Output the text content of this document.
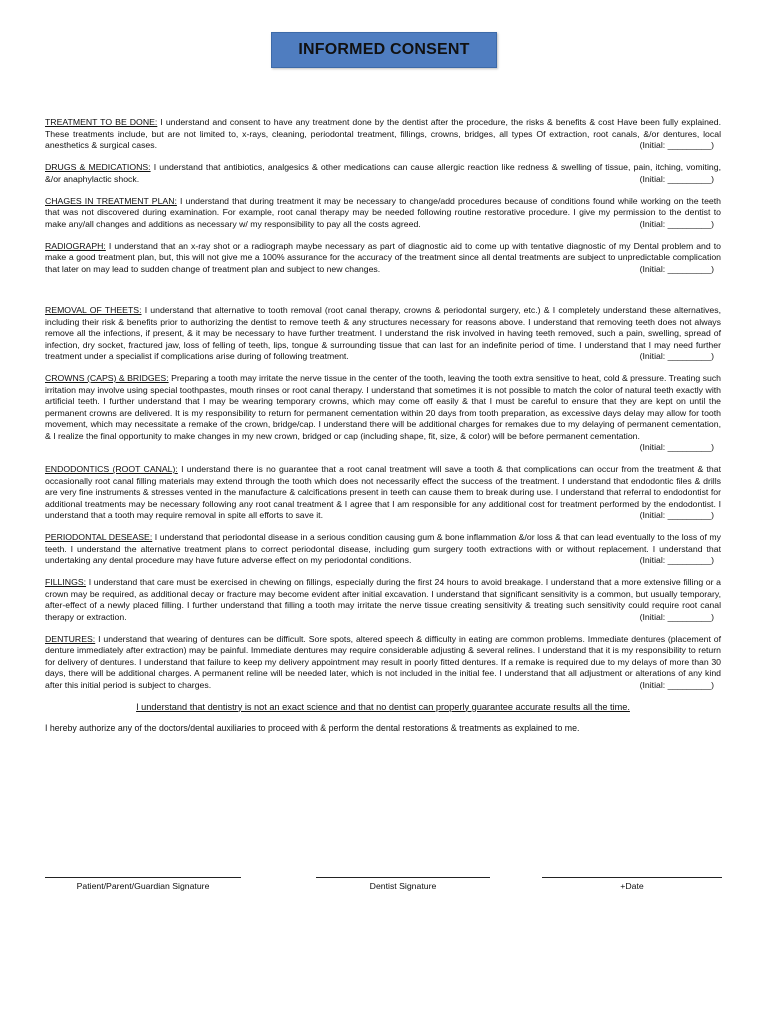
INFORMED CONSENT

TREATMENT TO BE DONE: I understand and consent to have any treatment done by the dentist after the procedure, the risks & benefits & cost Have been fully explained. These treatments include, but are not limited to, x-rays, cleaning, periodontal treatment, fillings, crowns, bridges, all types Of extraction, root canals, &/or dentures, local anesthetics & surgical cases.	(Initial: _________)

DRUGS & MEDICATIONS: I understand that antibiotics, analgesics & other medications can cause allergic reaction like redness & swelling of tissue, pain, itching, vomiting, &/or anaphylactic shock.	(Initial: _________)

CHAGES IN TREATMENT PLAN: I understand that during treatment it may be necessary to change/add procedures because of conditions found while working on the teeth that was not discovered during examination. For example, root canal therapy may be needed following routine restorative procedure. I give my permission to the dentist to make any/all changes and additions as necessary w/ my responsibility to pay all the costs agreed.	(Initial: _________)

RADIOGRAPH: I understand that an x-ray shot or a radiograph maybe necessary as part of diagnostic aid to come up with tentative diagnostic of my Dental problem and to make a good treatment plan, but, this will not give me a 100% assurance for the accuracy of the treatment since all dental treatments are subject to unpredictable complication that later on may lead to sudden change of treatment plan and subject to new changes.	(Initial: _________)

REMOVAL OF THEETS: I understand that alternative to tooth removal (root canal therapy, crowns & periodontal surgery, etc.) & I completely understand these alternatives, including their risk & benefits prior to authorizing the dentist to remove teeth & any structures necessary for reasons above. I understand that removing teeth does not always remove all the infections, if present, & it may be necessary to have further treatment. I understand the risk involved in having teeth removed, such a pain, swelling, spread of infection, dry socket, fractured jaw, loss of felling of teeth, lips, tongue & surrounding tissue that can last for an indefinite period of time. I understand that I may need further treatment under a specialist if complications arise during of following treatment.	(Initial: _________)

CROWNS (CAPS) & BRIDGES: Preparing a tooth may irritate the nerve tissue in the center of the tooth, leaving the tooth extra sensitive to heat, cold & pressure. Treating such irritation may involve using special toothpastes, mouth rinses or root canal therapy. I understand that sometimes it is not possible to match the color of natural teeth exactly with artificial teeth. I further understand that I may be wearing temporary crowns, which may come off easily & that I must be careful to ensure that they are kept on until the permanent crowns are delivered. It is my responsibility to return for permanent cementation within 20 days from tooth preparation, as excessive days delay may allow for tooth movement, which may necessitate a remake of the crown, bridge/cap. I understand there will be additional charges for remakes due to my delaying of permanent cementation, & I realize the final opportunity to make changes in my new crown, bridged or cap (including shape, fit, size, & color) will be before permanent cementation.
(Initial: _________)

ENDODONTICS (ROOT CANAL): I understand there is no guarantee that a root canal treatment will save a tooth & that complications can occur from the treatment & that occasionally root canal filling materials may extend through the tooth which does not necessarily effect the success of the treatment. I understand that endodontic files & drills are very fine instruments & stresses vented in the manufacture & calcifications present in teeth can cause them to break during use. I understand that referral to endodontist for additional treatments may be necessary following any root canal treatment & I agree that I am responsible for any additional cost for treatment performed by the endodontist. I understand that a tooth may require removal in spite all efforts to save it.	(Initial: _________)

PERIODONTAL DESEASE: I understand that periodontal disease in a serious condition causing gum & bone inflammation &/or loss & that can lead eventually to the loss of my teeth. I understand the alternative treatment plans to correct periodontal disease, including gum surgery tooth extractions with or without replacement. I understand that undertaking any dental procedure may have future adverse effect on my periodontal conditions.	(Initial: _________)

FILLINGS: I understand that care must be exercised in chewing on fillings, especially during the first 24 hours to avoid breakage. I understand that a more extensive filling or a crown may be required, as additional decay or fracture may become evident after initial excavation. I understand that significant sensitivity is a common, but usually temporary, after-effect of a newly placed filling. I further understand that filling a tooth may irritate the nerve tissue creating sensitivity & treating such sensitivity could require root canal therapy or extraction.	(Initial: _________)

DENTURES: I understand that wearing of dentures can be difficult. Sore spots, altered speech & difficulty in eating are common problems. Immediate dentures (placement of denture immediately after extraction) may be painful. Immediate dentures may require considerable adjusting & several relines. I understand that it is my responsibility to return for delivery of dentures. I understand that failure to keep my delivery appointment may result in poorly fitted dentures. If a remake is required due to my delays of more than 30 days, there will be additional charges. A permanent reline will be needed later, which is not included in the initial fee. I understand that all adjustment or alterations of any kind after this initial period is subject to charges.	(Initial: _________)

I understand that dentistry is not an exact science and that no dentist can properly guarantee accurate results all the time.
I hereby authorize any of the doctors/dental auxiliaries to proceed with & perform the dental restorations & treatments as explained to me.
Patient/Parent/Guardian Signature	Dentist Signature	+Date
